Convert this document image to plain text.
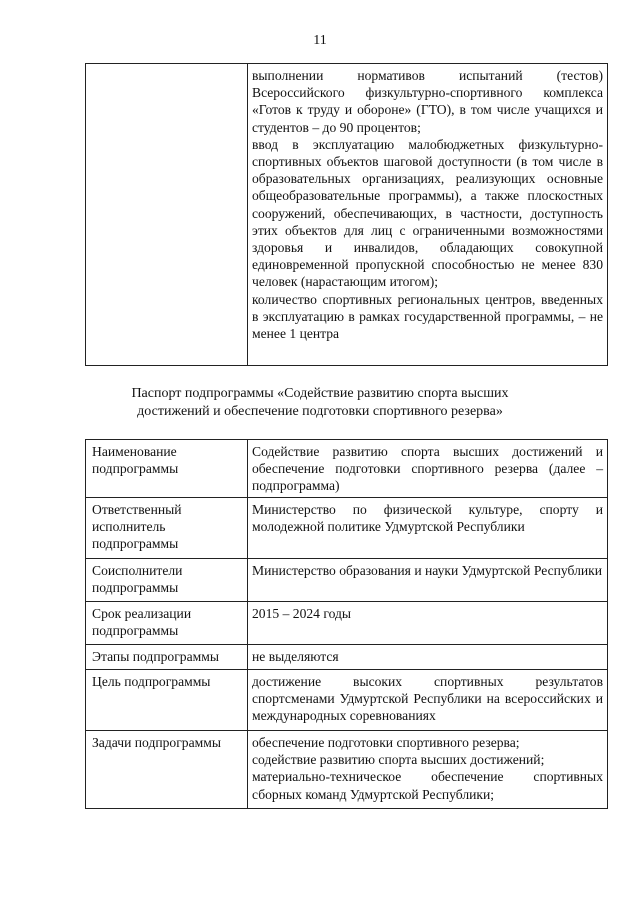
11

выполнении нормативов испытаний (тестов) Всероссийского физкультурно-спортивного комплекса «Готов к труду и обороне» (ГТО), в том числе учащихся и студентов – до 90 процентов;
ввод в эксплуатацию малобюджетных физкультурно-спортивных объектов шаговой доступности (в том числе в образовательных организациях, реализующих основные общеобразовательные программы), а также плоскостных сооружений, обеспечивающих, в частности, доступность этих объектов для лиц с ограниченными возможностями здоровья и инвалидов, обладающих совокупной единовременной пропускной способностью не менее 830 человек (нарастающим итогом);
количество спортивных региональных центров, введенных в эксплуатацию в рамках государственной программы, – не менее 1 центра
Паспорт подпрограммы «Содействие развитию спорта высших
достижений и обеспечение подготовки спортивного резерва»
Наименование подпрограммы	Содействие развитию спорта высших достижений и обеспечение подготовки спортивного резерва (далее – подпрограмма)
Ответственный исполнитель подпрограммы	Министерство по физической культуре, спорту и молодежной политике Удмуртской Республики
Соисполнители подпрограммы	Министерство образования и науки Удмуртской Республики
Срок реализации подпрограммы	2015 – 2024 годы
Этапы подпрограммы	не выделяются
Цель подпрограммы	достижение высоких спортивных результатов спортсменами Удмуртской Республики на всероссийских и международных соревнованиях
Задачи подпрограммы	обеспечение подготовки спортивного резерва;
содействие развитию спорта высших достижений;
материально-техническое обеспечение спортивных сборных команд Удмуртской Республики;
